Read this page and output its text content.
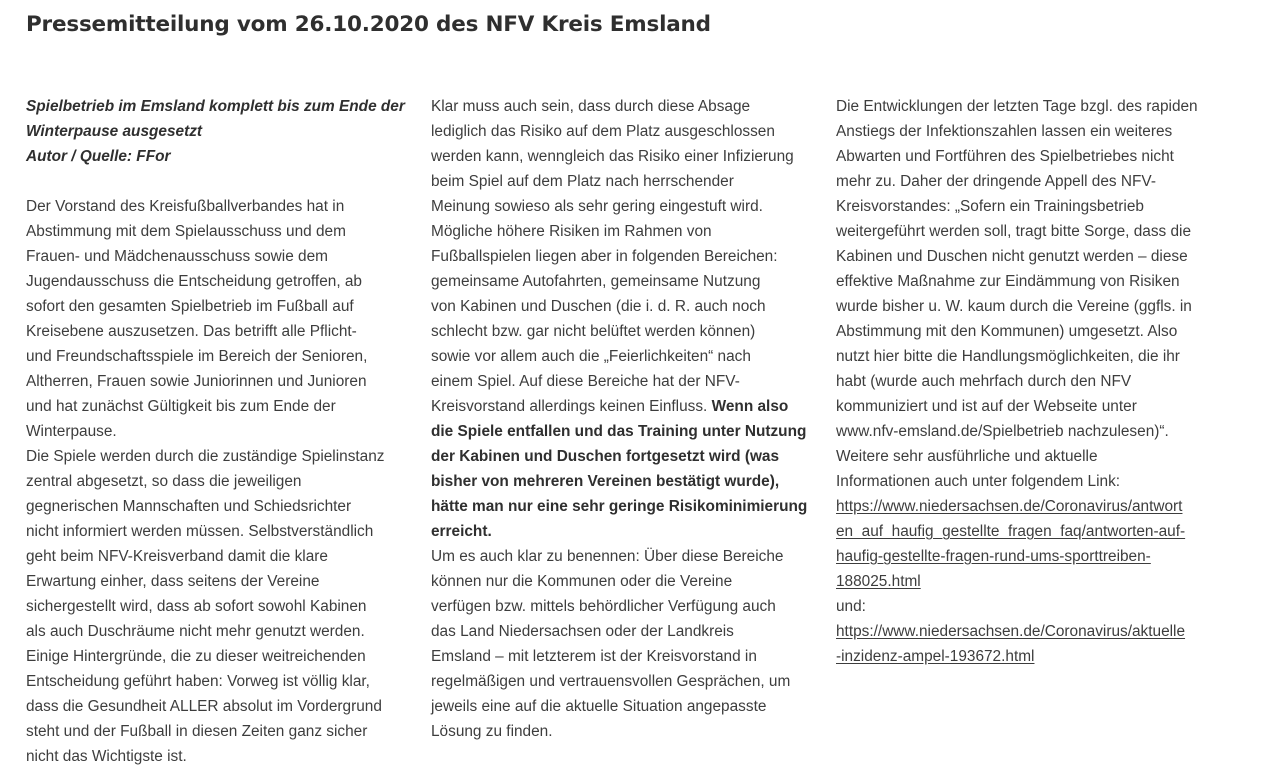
Pressemitteilung vom 26.10.2020 des NFV Kreis Emsland
Spielbetrieb im Emsland komplett bis zum Ende der
Winterpause ausgesetzt
Autor / Quelle: FFor
Der Vorstand des Kreisfußballverbandes hat in
Abstimmung mit dem Spielausschuss und dem
Frauen- und Mädchenausschuss sowie dem
Jugendausschuss die Entscheidung getroffen, ab
sofort den gesamten Spielbetrieb im Fußball auf
Kreisebene auszusetzen. Das betrifft alle Pflicht-
und Freundschaftsspiele im Bereich der Senioren,
Altherren, Frauen sowie Juniorinnen und Junioren
und hat zunächst Gültigkeit bis zum Ende der
Winterpause.
Die Spiele werden durch die zuständige Spielinstanz
zentral abgesetzt, so dass die jeweiligen
gegnerischen Mannschaften und Schiedsrichter
nicht informiert werden müssen. Selbstverständlich
geht beim NFV-Kreisverband damit die klare
Erwartung einher, dass seitens der Vereine
sichergestellt wird, dass ab sofort sowohl Kabinen
als auch Duschräume nicht mehr genutzt werden.
Einige Hintergründe, die zu dieser weitreichenden
Entscheidung geführt haben: Vorweg ist völlig klar,
dass die Gesundheit ALLER absolut im Vordergrund
steht und der Fußball in diesen Zeiten ganz sicher
nicht das Wichtigste ist.
Klar muss auch sein, dass durch diese Absage
lediglich das Risiko auf dem Platz ausgeschlossen
werden kann, wenngleich das Risiko einer Infizierung
beim Spiel auf dem Platz nach herrschender
Meinung sowieso als sehr gering eingestuft wird.
Mögliche höhere Risiken im Rahmen von
Fußballspielen liegen aber in folgenden Bereichen:
gemeinsame Autofahrten, gemeinsame Nutzung
von Kabinen und Duschen (die i. d. R. auch noch
schlecht bzw. gar nicht belüftet werden können)
sowie vor allem auch die „Feierlichkeiten“ nach
einem Spiel. Auf diese Bereiche hat der NFV-
Kreisvorstand allerdings keinen Einfluss. Wenn also
die Spiele entfallen und das Training unter Nutzung
der Kabinen und Duschen fortgesetzt wird (was
bisher von mehreren Vereinen bestätigt wurde),
hätte man nur eine sehr geringe Risikominimierung
erreicht.
Um es auch klar zu benennen: Über diese Bereiche
können nur die Kommunen oder die Vereine
verfügen bzw. mittels behördlicher Verfügung auch
das Land Niedersachsen oder der Landkreis
Emsland – mit letzterem ist der Kreisvorstand in
regelmäßigen und vertrauensvollen Gesprächen, um
jeweils eine auf die aktuelle Situation angepasste
Lösung zu finden.
Die Entwicklungen der letzten Tage bzgl. des rapiden
Anstiegs der Infektionszahlen lassen ein weiteres
Abwarten und Fortführen des Spielbetriebes nicht
mehr zu. Daher der dringende Appell des NFV-
Kreisvorstandes: „Sofern ein Trainingsbetrieb
weitergeführt werden soll, tragt bitte Sorge, dass die
Kabinen und Duschen nicht genutzt werden – diese
effektive Maßnahme zur Eindämmung von Risiken
wurde bisher u. W. kaum durch die Vereine (ggfls. in
Abstimmung mit den Kommunen) umgesetzt. Also
nutzt hier bitte die Handlungsmöglichkeiten, die ihr
habt (wurde auch mehrfach durch den NFV
kommuniziert und ist auf der Webseite unter
www.nfv-emsland.de/Spielbetrieb nachzulesen)“.
Weitere sehr ausführliche und aktuelle
Informationen auch unter folgendem Link:
https://www.niedersachsen.de/Coronavirus/antwort
en_auf_haufig_gestellte_fragen_faq/antworten-auf-
haufig-gestellte-fragen-rund-ums-sporttreiben-
188025.html
und:
https://www.niedersachsen.de/Coronavirus/aktuelle
-inzidenz-ampel-193672.html
